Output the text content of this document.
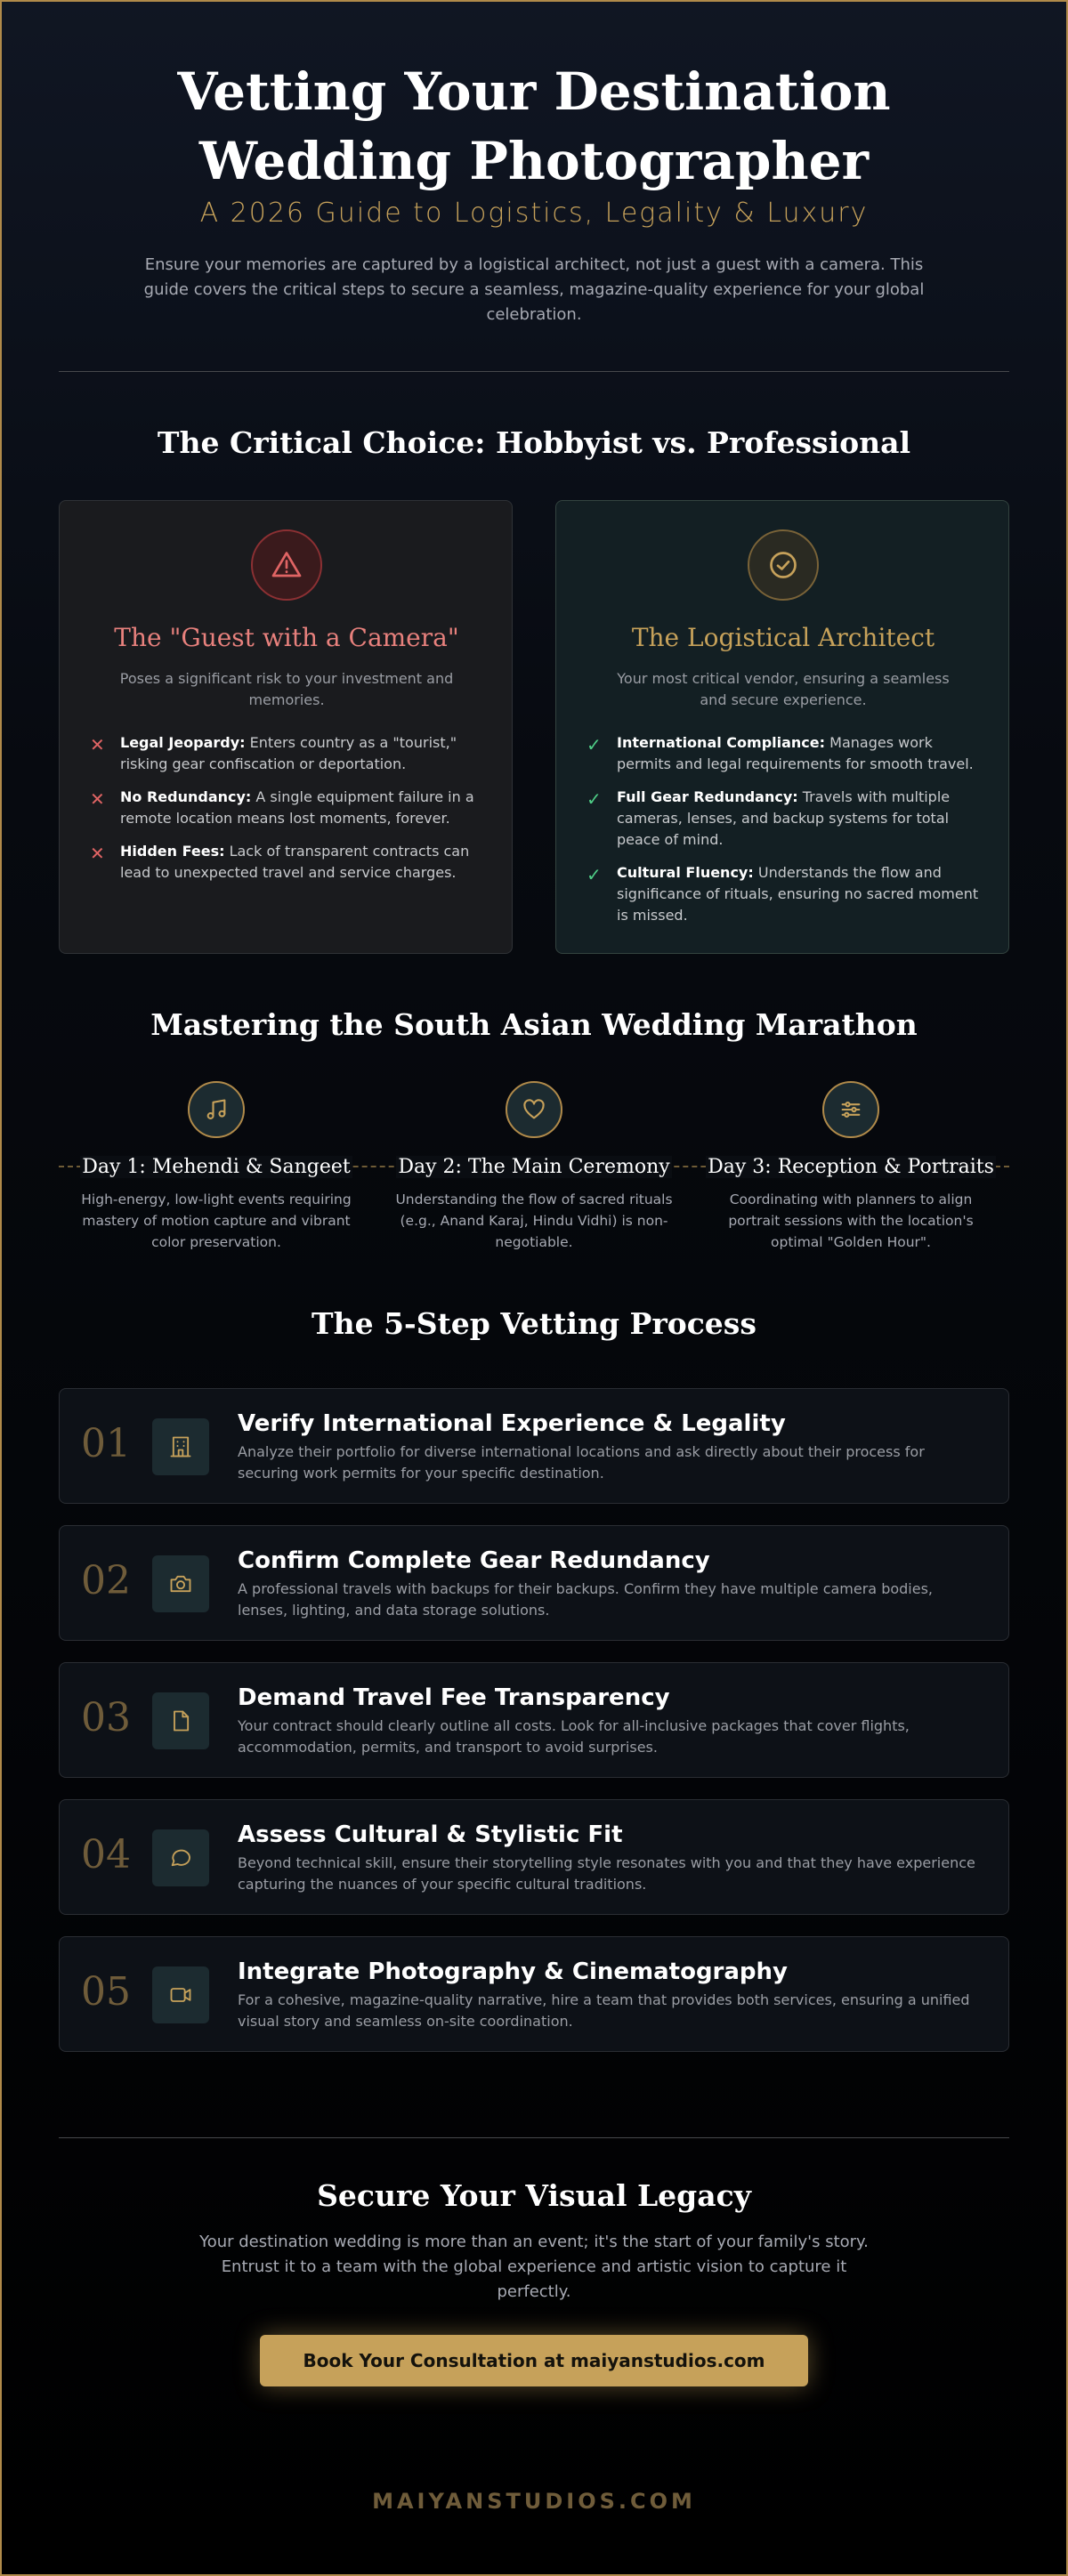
Vetting Your Destination Wedding Photographer
A 2026 Guide to Logistics, Legality & Luxury

Ensure your memories are captured by a logistical architect, not just a guest with a camera. This guide covers the critical steps to secure a seamless, magazine-quality experience for your global celebration.

The Critical Choice: Hobbyist vs. Professional
The "Guest with a Camera"
Poses a significant risk to your investment and memories.
✕	Legal Jeopardy: Enters country as a "tourist," risking gear confiscation or deportation.
✕	No Redundancy: A single equipment failure in a remote location means lost moments, forever.
✕	Hidden Fees: Lack of transparent contracts can lead to unexpected travel and service charges.
The Logistical Architect
Your most critical vendor, ensuring a seamless and secure experience.
✓	International Compliance: Manages work permits and legal requirements for smooth travel.
✓	Full Gear Redundancy: Travels with multiple cameras, lenses, and backup systems for total peace of mind.
✓	Cultural Fluency: Understands the flow and significance of rituals, ensuring no sacred moment is missed.
Mastering the South Asian Wedding Marathon
Day 1: Mehendi & Sangeet
High-energy, low-light events requiring mastery of motion capture and vibrant color preservation.
Day 2: The Main Ceremony
Understanding the flow of sacred rituals (e.g., Anand Karaj, Hindu Vidhi) is non-negotiable.
Day 3: Reception & Portraits
Coordinating with planners to align portrait sessions with the location's optimal "Golden Hour".
The 5-Step Vetting Process
01	Verify International Experience & Legality
Analyze their portfolio for diverse international locations and ask directly about their process for securing work permits for your specific destination.
02	Confirm Complete Gear Redundancy
A professional travels with backups for their backups. Confirm they have multiple camera bodies, lenses, lighting, and data storage solutions.
03	Demand Travel Fee Transparency
Your contract should clearly outline all costs. Look for all-inclusive packages that cover flights, accommodation, permits, and transport to avoid surprises.
04	Assess Cultural & Stylistic Fit
Beyond technical skill, ensure their storytelling style resonates with you and that they have experience capturing the nuances of your specific cultural traditions.
05	Integrate Photography & Cinematography
For a cohesive, magazine-quality narrative, hire a team that provides both services, ensuring a unified visual story and seamless on-site coordination.
Secure Your Visual Legacy

Your destination wedding is more than an event; it's the start of your family's story. Entrust it to a team with the global experience and artistic vision to capture it perfectly.

Book Your Consultation at maiyanstudios.com
MAIYANSTUDIOS.COM
